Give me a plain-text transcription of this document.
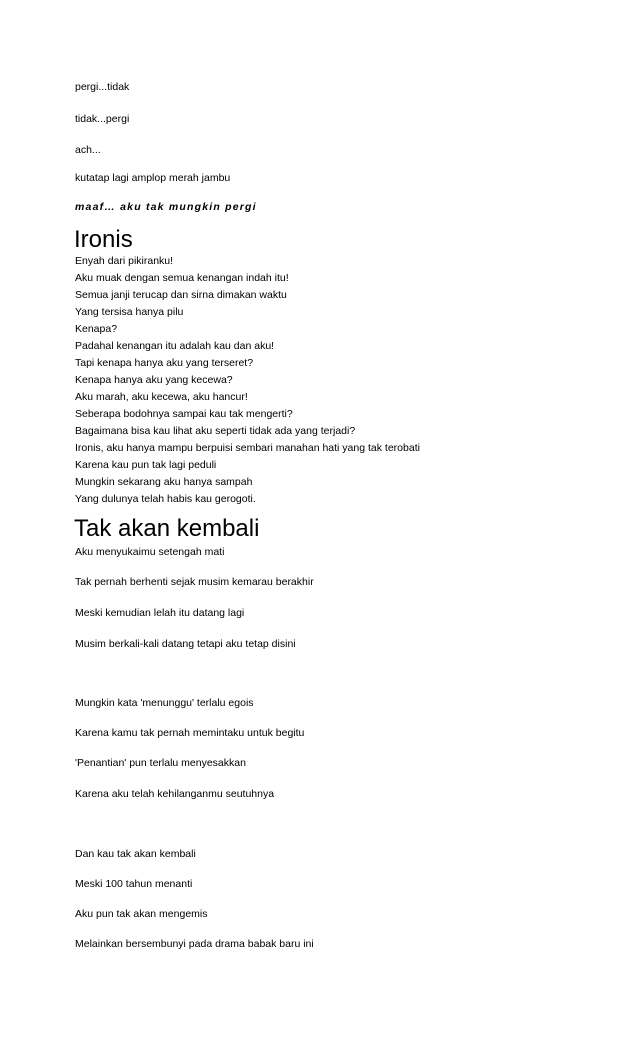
pergi...tidak
tidak...pergi
ach...
kutatap lagi amplop merah jambu
maaf… aku tak mungkin pergi
Ironis
Enyah dari pikiranku!
Aku muak dengan semua kenangan indah itu!
Semua janji terucap dan sirna dimakan waktu
Yang tersisa hanya pilu
Kenapa?
Padahal kenangan itu adalah kau dan aku!
Tapi kenapa hanya aku yang terseret?
Kenapa hanya aku yang kecewa?
Aku marah, aku kecewa, aku hancur!
Seberapa bodohnya sampai kau tak mengerti?
Bagaimana bisa kau lihat aku seperti tidak ada yang terjadi?
Ironis, aku hanya mampu berpuisi sembari manahan hati yang tak terobati
Karena kau pun tak lagi peduli
Mungkin sekarang aku hanya sampah
Yang dulunya telah habis kau gerogoti.
Tak akan kembali
Aku menyukaimu setengah mati
Tak pernah berhenti sejak musim kemarau berakhir
Meski kemudian lelah itu datang lagi
Musim berkali-kali datang tetapi aku tetap disini
Mungkin kata 'menunggu' terlalu egois
Karena kamu tak pernah memintaku untuk begitu
'Penantian' pun terlalu menyesakkan
Karena aku telah kehilanganmu seutuhnya
Dan kau tak akan kembali
Meski 100 tahun menanti
Aku pun tak akan mengemis
Melainkan bersembunyi pada drama babak baru ini
